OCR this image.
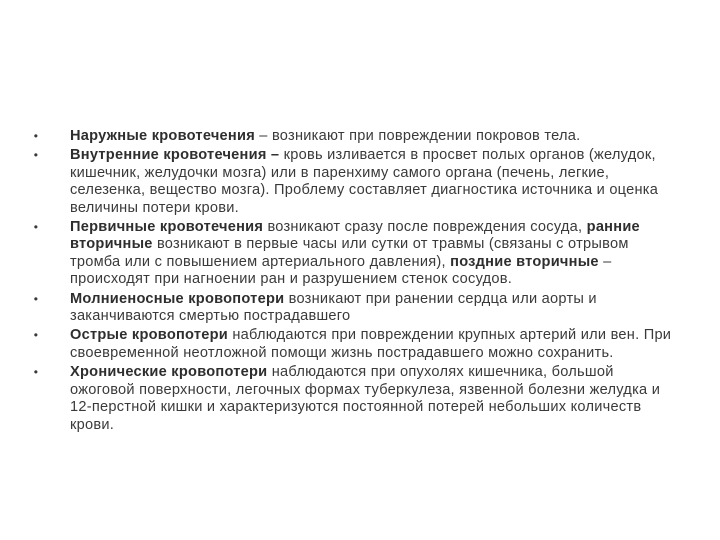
• Наружные кровотечения – возникают при повреждении покровов тела.
• Внутренние кровотечения – кровь изливается в просвет полых органов (желудок, кишечник, желудочки мозга) или в паренхиму самого органа (печень, легкие, селезенка, вещество мозга). Проблему составляет диагностика источника и оценка величины потери крови.
• Первичные кровотечения возникают сразу после повреждения сосуда, ранние вторичные возникают в первые часы или сутки от травмы (связаны с отрывом тромба или с повышением артериального давления), поздние вторичные – происходят при нагноении ран и разрушением стенок сосудов.
• Молниеносные кровопотери возникают при ранении сердца или аорты и заканчиваются смертью пострадавшего
• Острые кровопотери наблюдаются при повреждении крупных артерий или вен. При своевременной неотложной помощи жизнь пострадавшего можно сохранить.
• Хронические кровопотери наблюдаются при опухолях кишечника, большой ожоговой поверхности, легочных формах туберкулеза, язвенной болезни желудка и 12-перстной кишки и характеризуются постоянной потерей небольших количеств крови.
